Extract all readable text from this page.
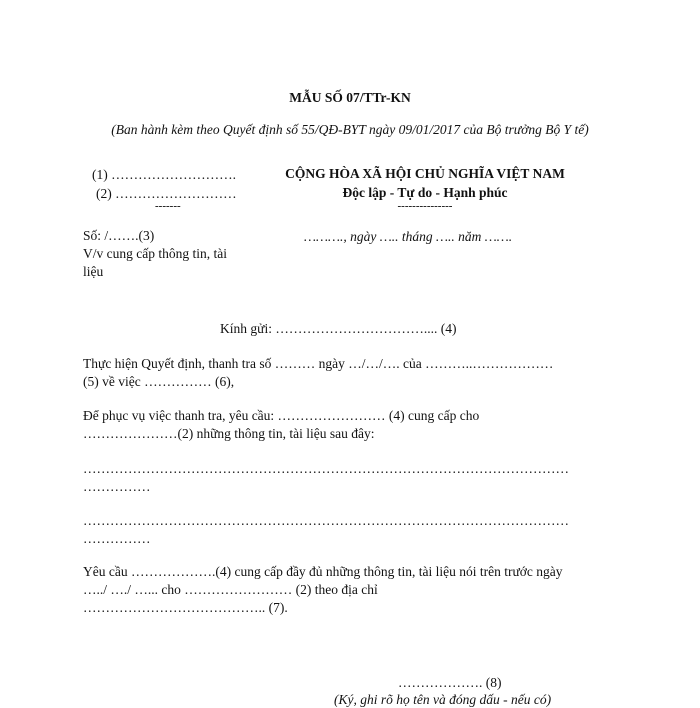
MẪU SỐ 07/TTr-KN
(Ban hành kèm theo Quyết định số 55/QĐ-BYT ngày 09/01/2017 của Bộ trưởng Bộ Y tế)
(1) ……………………….
(2) ………………………
-------
CỘNG HÒA XÃ HỘI CHỦ NGHĨA VIỆT NAM
Độc lập - Tự do - Hạnh phúc
---------------
Số: /…….(3)
V/v cung cấp thông tin, tài
liệu
………., ngày ….. tháng ….. năm …….
Kính gửi: …………………………….... (4)
Thực hiện Quyết định, thanh tra số ……… ngày …/…/…. của ………..………………
(5) về việc …………… (6),
Để phục vụ việc thanh tra, yêu cầu: …………………… (4) cung cấp cho
…………………(2) những thông tin, tài liệu sau đây:
………………………………………………………………………………………………
……………
………………………………………………………………………………………………
……………
Yêu cầu ……………….(4) cung cấp đầy đủ những thông tin, tài liệu nói trên trước ngày
…../ …./ …... cho …………………… (2) theo địa chỉ
………………………………….. (7).
………………. (8)
(Ký, ghi rõ họ tên và đóng dấu - nếu có)
